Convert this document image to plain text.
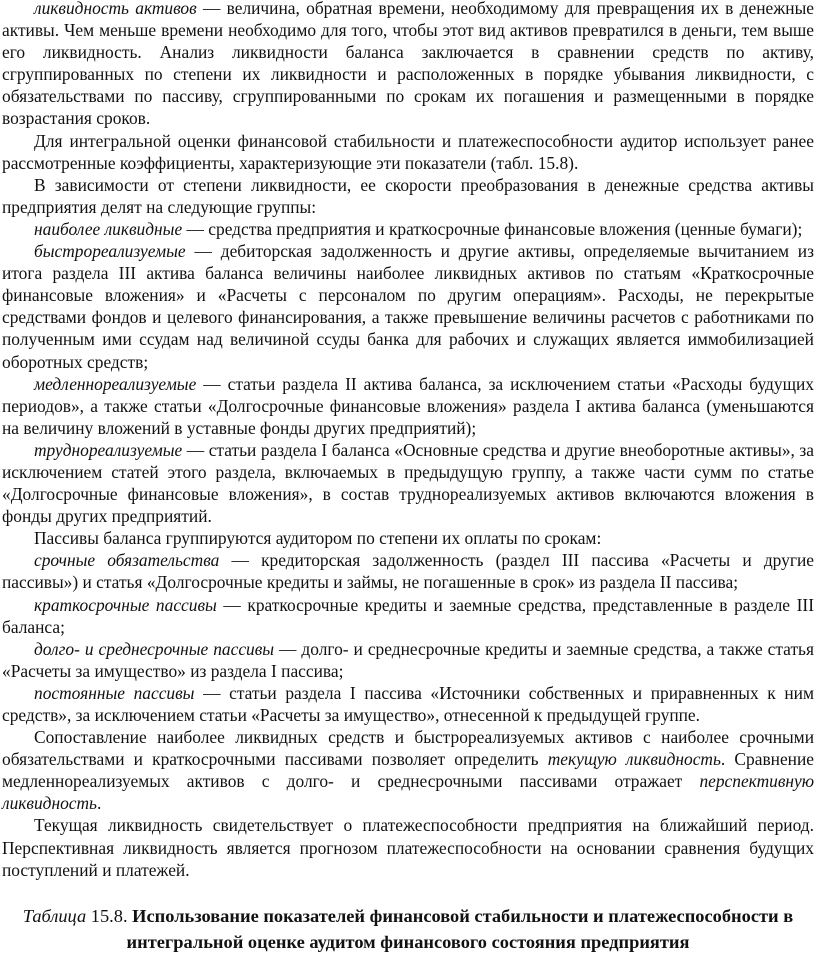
ликвидность активов — величина, обратная времени, необходимому для превращения их в денежные активы. Чем меньше времени необходимо для того, чтобы этот вид активов превратился в деньги, тем выше его ликвидность. Анализ ликвидности баланса заключается в сравнении средств по активу, сгруппированных по степени их ликвидности и расположенных в порядке убывания ликвидности, с обязательствами по пассиву, сгруппированными по срокам их погашения и размещенными в порядке возрастания сроков.

Для интегральной оценки финансовой стабильности и платежеспособности аудитор использует ранее рассмотренные коэффициенты, характеризующие эти показатели (табл. 15.8).

В зависимости от степени ликвидности, ее скорости преобразования в денежные средства активы предприятия делят на следующие группы:

наиболее ликвидные — средства предприятия и краткосрочные финансовые вложения (ценные бумаги);

быстрореализуемые — дебиторская задолженность и другие активы, определяемые вычитанием из итога раздела III актива баланса величины наиболее ликвидных активов по статьям «Краткосрочные финансовые вложения» и «Расчеты с персоналом по другим операциям». Расходы, не перекрытые средствами фондов и целевого финансирования, а также превышение величины расчетов с работниками по полученным ими ссудам над величиной ссуды банка для рабочих и служащих является иммобилизацией оборотных средств;

медленнореализуемые — статьи раздела II актива баланса, за исключением статьи «Расходы будущих периодов», а также статьи «Долгосрочные финансовые вложения» раздела I актива баланса (уменьшаются на величину вложений в уставные фонды других предприятий);

труднореализуемые — статьи раздела I баланса «Основные средства и другие внеоборотные активы», за исключением статей этого раздела, включаемых в предыдущую группу, а также части сумм по статье «Долгосрочные финансовые вложения», в состав труднореализуемых активов включаются вложения в фонды других предприятий.

Пассивы баланса группируются аудитором по степени их оплаты по срокам:

срочные обязательства — кредиторская задолженность (раздел III пассива «Расчеты и другие пассивы») и статья «Долгосрочные кредиты и займы, не погашенные в срок» из раздела II пассива;

краткосрочные пассивы — краткосрочные кредиты и заемные средства, представленные в разделе III баланса;

долго- и среднесрочные пассивы — долго- и среднесрочные кредиты и заемные средства, а также статья «Расчеты за имущество» из раздела I пассива;

постоянные пассивы — статьи раздела I пассива «Источники собственных и приравненных к ним средств», за исключением статьи «Расчеты за имущество», отнесенной к предыдущей группе.

Сопоставление наиболее ликвидных средств и быстрореализуемых активов с наиболее срочными обязательствами и краткосрочными пассивами позволяет определить текущую ликвидность. Сравнение медленнореализуемых активов с долго- и среднесрочными пассивами отражает перспективную ликвидность.

Текущая ликвидность свидетельствует о платежеспособности предприятия на ближайший период. Перспективная ликвидность является прогнозом платежеспособности на основании сравнения будущих поступлений и платежей.

Таблица 15.8. Использование показателей финансовой стабильности и платежеспособности в интегральной оценке аудитом финансового состояния предприятия
